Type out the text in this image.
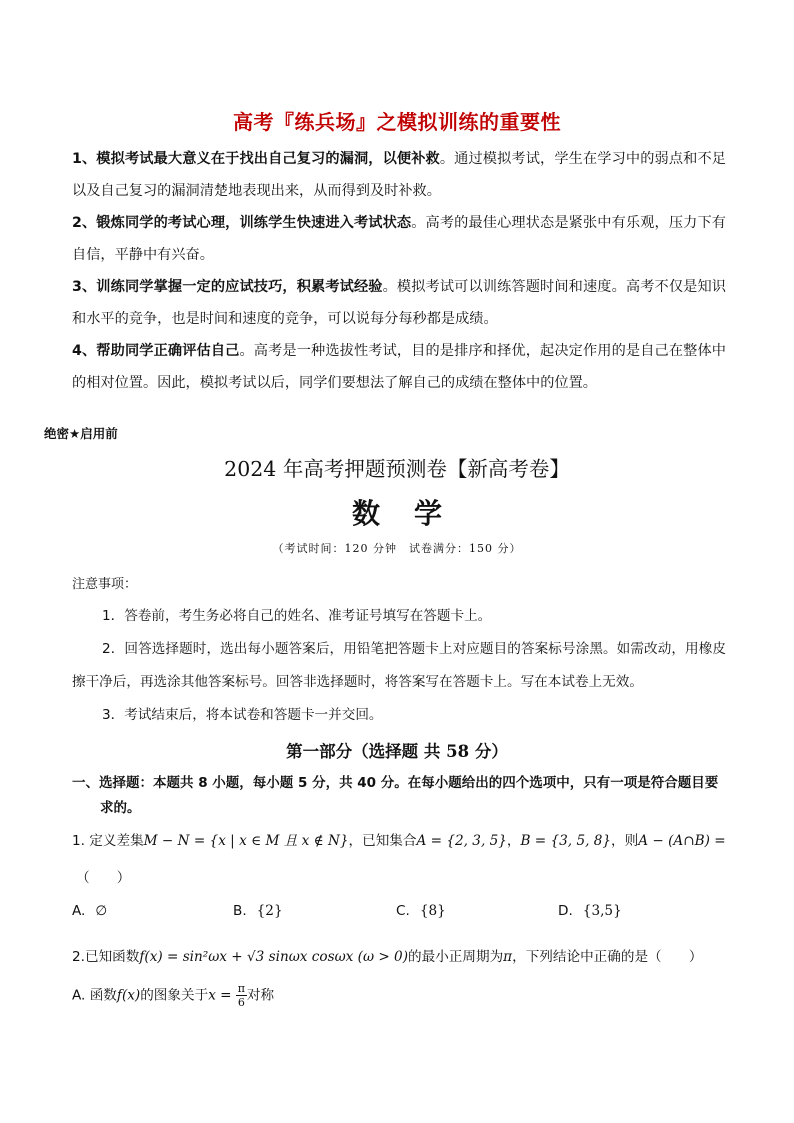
高考『练兵场』之模拟训练的重要性

1、模拟考试最大意义在于找出自己复习的漏洞，以便补救。通过模拟考试，学生在学习中的弱点和不足以及自己复习的漏洞清楚地表现出来，从而得到及时补救。

2、锻炼同学的考试心理，训练学生快速进入考试状态。高考的最佳心理状态是紧张中有乐观，压力下有自信，平静中有兴奋。

3、训练同学掌握一定的应试技巧，积累考试经验。模拟考试可以训练答题时间和速度。高考不仅是知识和水平的竞争，也是时间和速度的竞争，可以说每分每秒都是成绩。

4、帮助同学正确评估自己。高考是一种选拔性考试，目的是排序和择优，起决定作用的是自己在整体中的相对位置。因此，模拟考试以后，同学们要想法了解自己的成绩在整体中的位置。

绝密★启用前
2024 年高考押题预测卷【新高考卷】
数学
（考试时间：120 分钟　试卷满分：150 分）
注意事项：

1．答卷前，考生务必将自己的姓名、准考证号填写在答题卡上。

2．回答选择题时，选出每小题答案后，用铅笔把答题卡上对应题目的答案标号涂黑。如需改动，用橡皮擦干净后，再选涂其他答案标号。回答非选择题时，将答案写在答题卡上。写在本试卷上无效。

3．考试结束后，将本试卷和答题卡一并交回。

第一部分（选择题 共 58 分）
一、选择题：本题共 8 小题，每小题 5 分，共 40 分。在每小题给出的四个选项中，只有一项是符合题目要
求的。
1. 定义差集M − N = {x | x ∈ M 且 x ∉ N}，已知集合A = {2, 3, 5}，B = {3, 5, 8}，则A − (A∩B) =
（　　）
A. ∅	B. {2}	C. {8}	D. {3,5}
2.已知函数f(x) = sin²ωx + √3 sinωx cosωx (ω > 0)的最小正周期为π，下列结论中正确的是（　　）
A. 函数f(x)的图象关于$x = \frac{\pi}{6}$ 对称
